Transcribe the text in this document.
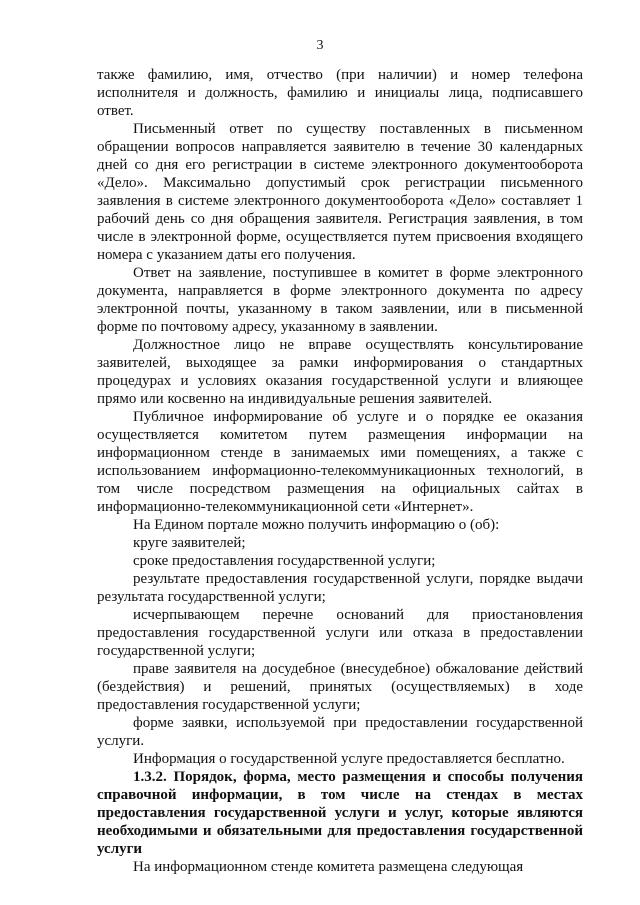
3

также фамилию, имя, отчество (при наличии) и номер телефона исполнителя и должность, фамилию и инициалы лица, подписавшего ответ.

Письменный ответ по существу поставленных в письменном обращении вопросов направляется заявителю в течение 30 календарных дней со дня его регистрации в системе электронного документооборота «Дело». Максимально допустимый срок регистрации письменного заявления в системе электронного документооборота «Дело» составляет 1 рабочий день со дня обращения заявителя. Регистрация заявления, в том числе в электронной форме, осуществляется путем присвоения входящего номера с указанием даты его получения.

Ответ на заявление, поступившее в комитет в форме электронного документа, направляется в форме электронного документа по адресу электронной почты, указанному в таком заявлении, или в письменной форме по почтовому адресу, указанному в заявлении.

Должностное лицо не вправе осуществлять консультирование заявителей, выходящее за рамки информирования о стандартных процедурах и условиях оказания государственной услуги и влияющее прямо или косвенно на индивидуальные решения заявителей.

Публичное информирование об услуге и о порядке ее оказания осуществляется комитетом путем размещения информации на информационном стенде в занимаемых ими помещениях, а также с использованием информационно-телекоммуникационных технологий, в том числе посредством размещения на официальных сайтах в информационно-телекоммуникационной сети «Интернет».

На Едином портале можно получить информацию о (об):

круге заявителей;

сроке предоставления государственной услуги;

результате предоставления государственной услуги, порядке выдачи результата государственной услуги;

исчерпывающем перечне оснований для приостановления предоставления государственной услуги или отказа в предоставлении государственной услуги;

праве заявителя на досудебное (внесудебное) обжалование действий (бездействия) и решений, принятых (осуществляемых) в ходе предоставления государственной услуги;

форме заявки, используемой при предоставлении государственной услуги.

Информация о государственной услуге предоставляется бесплатно.

1.3.2. Порядок, форма, место размещения и способы получения справочной информации, в том числе на стендах в местах предоставления государственной услуги и услуг, которые являются необходимыми и обязательными для предоставления государственной услуги

На информационном стенде комитета размещена следующая
